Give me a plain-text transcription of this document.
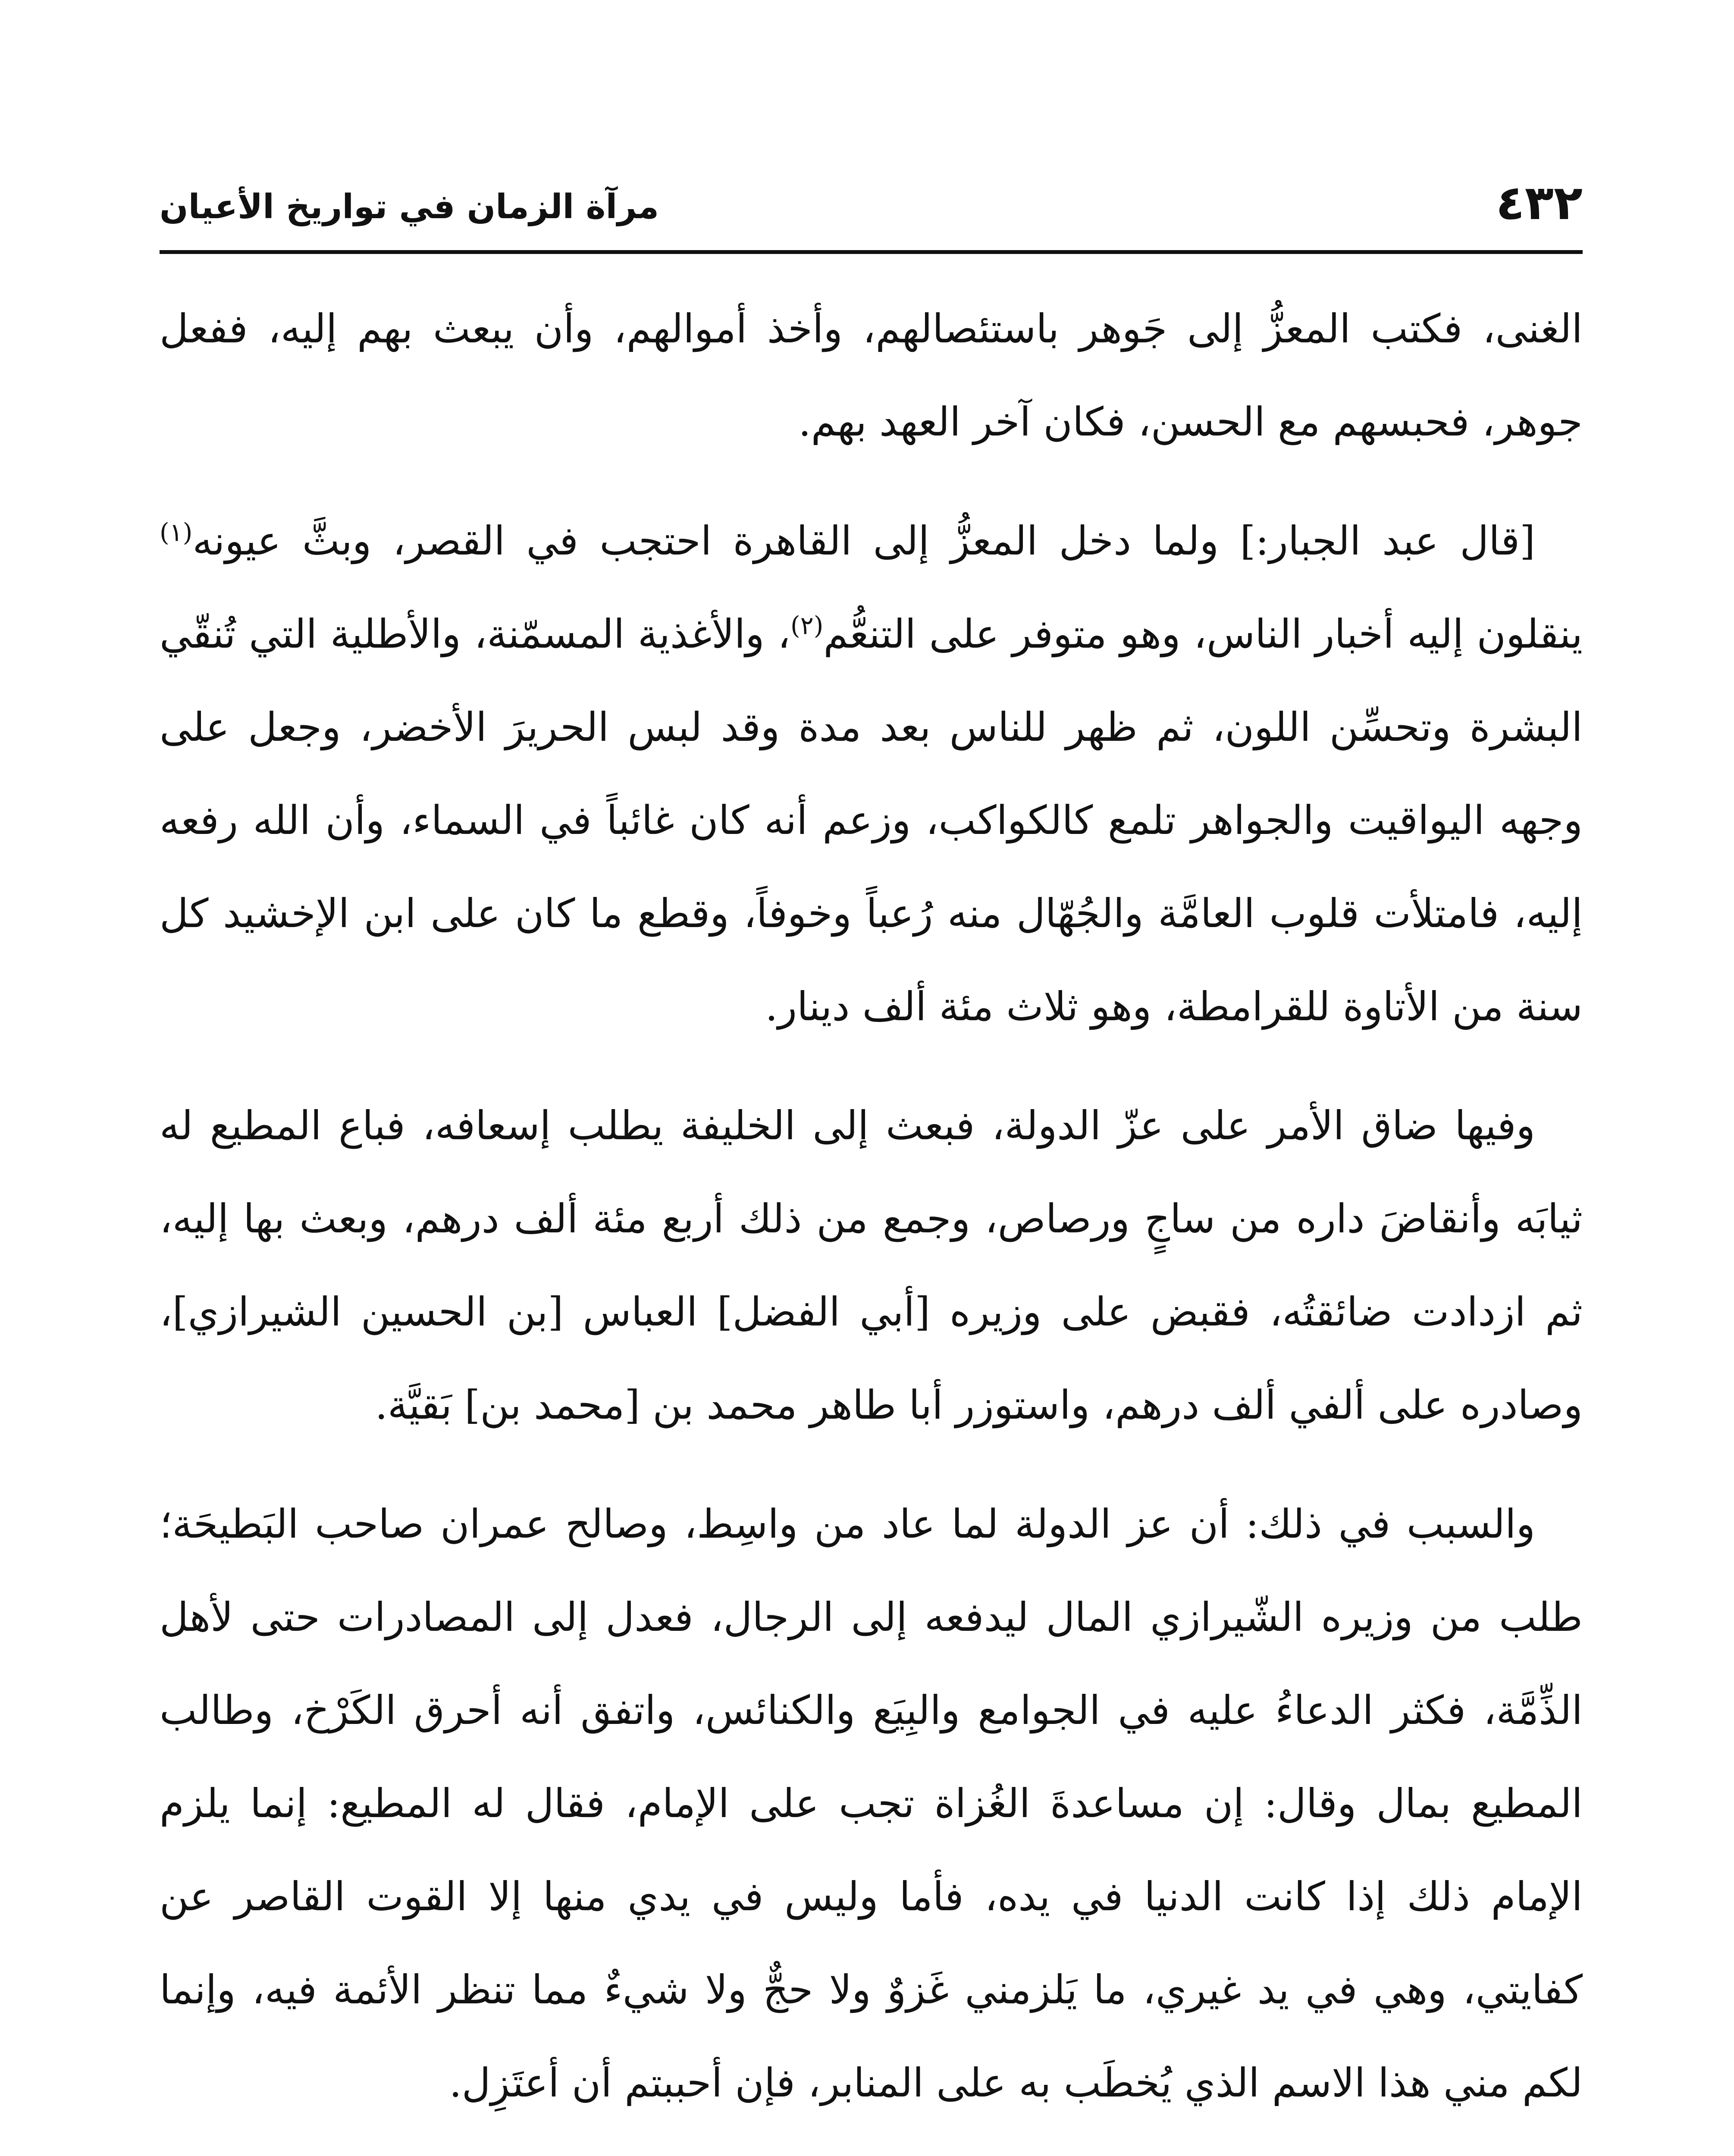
٤٣٢
مرآة الزمان في تواريخ الأعيان

الغنى، فكتب المعزُّ إلى جَوهر باستئصالهم، وأخذ أموالهم، وأن يبعث بهم إليه، ففعل جوهر، فحبسهم مع الحسن، فكان آخر العهد بهم.

[قال عبد الجبار:] ولما دخل المعزُّ إلى القاهرة احتجب في القصر، وبثَّ عيونه$^{(١)}$ ينقلون إليه أخبار الناس، وهو متوفر على التنعُّم$^{(٢)}$، والأغذية المسمّنة، والأطلية التي تُنقّي البشرة وتحسِّن اللون، ثم ظهر للناس بعد مدة وقد لبس الحريرَ الأخضر، وجعل على وجهه اليواقيت والجواهر تلمع كالكواكب، وزعم أنه كان غائباً في السماء، وأن الله رفعه إليه، فامتلأت قلوب العامَّة والجُهّال منه رُعباً وخوفاً، وقطع ما كان على ابن الإخشيد كل سنة من الأتاوة للقرامطة، وهو ثلاث مئة ألف دينار.

وفيها ضاق الأمر على عزّ الدولة، فبعث إلى الخليفة يطلب إسعافه، فباع المطيع له ثيابَه وأنقاضَ داره من ساجٍ ورصاص، وجمع من ذلك أربع مئة ألف درهم، وبعث بها إليه، ثم ازدادت ضائقتُه، فقبض على وزيره [أبي الفضل] العباس [بن الحسين الشيرازي]، وصادره على ألفي ألف درهم، واستوزر أبا طاهر محمد بن [محمد بن] بَقيَّة.

والسبب في ذلك: أن عز الدولة لما عاد من واسِط، وصالح عمران صاحب البَطيحَة؛ طلب من وزيره الشّيرازي المال ليدفعه إلى الرجال، فعدل إلى المصادرات حتى لأهل الذِّمَّة، فكثر الدعاءُ عليه في الجوامع والبِيَع والكنائس، واتفق أنه أحرق الكَرْخ، وطالب المطيع بمال وقال: إن مساعدةَ الغُزاة تجب على الإمام، فقال له المطيع: إنما يلزم الإمام ذلك إذا كانت الدنيا في يده، فأما وليس في يدي منها إلا القوت القاصر عن كفايتي، وهي في يد غيري، ما يَلزمني غَزوٌ ولا حجٌّ ولا شيءٌ مما تنظر الأئمة فيه، وإنما لكم مني هذا الاسم الذي يُخطَب به على المنابر، فإن أحببتم أن أعتَزِل.
